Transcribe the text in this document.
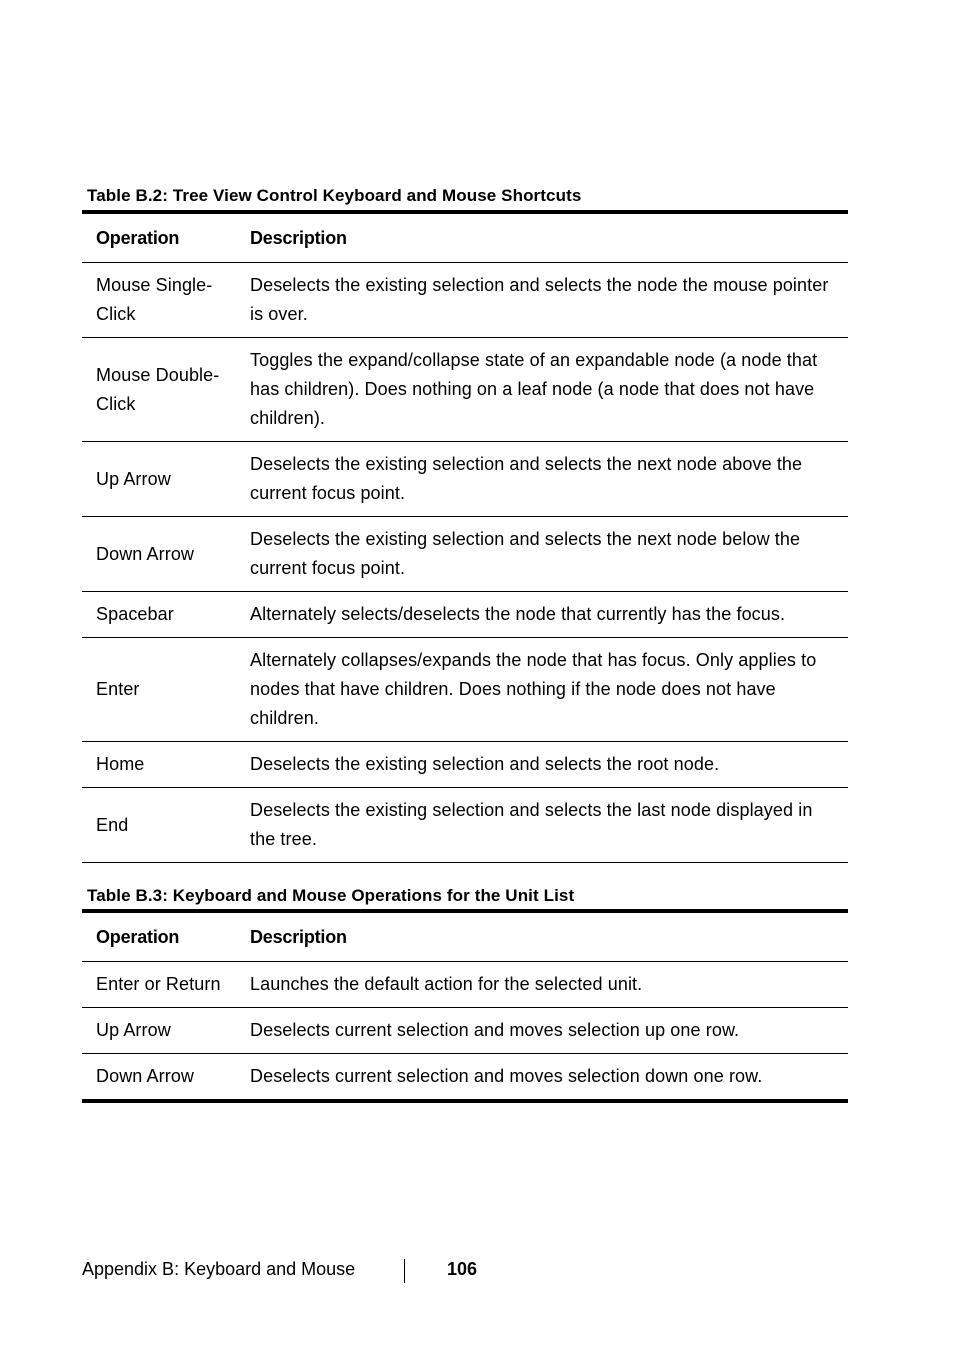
Table B.2: Tree View Control Keyboard and Mouse Shortcuts

Operation	Description
Mouse Single-Click	Deselects the existing selection and selects the node the mouse pointer is over.
Mouse Double-Click	Toggles the expand/collapse state of an expandable node (a node that has children). Does nothing on a leaf node (a node that does not have children).
Up Arrow	Deselects the existing selection and selects the next node above the current focus point.
Down Arrow	Deselects the existing selection and selects the next node below the current focus point.
Spacebar	Alternately selects/deselects the node that currently has the focus.
Enter	Alternately collapses/expands the node that has focus. Only applies to nodes that have children. Does nothing if the node does not have children.
Home	Deselects the existing selection and selects the root node.
End	Deselects the existing selection and selects the last node displayed in the tree.

Table B.3: Keyboard and Mouse Operations for the Unit List

Operation	Description
Enter or Return	Launches the default action for the selected unit.
Up Arrow	Deselects current selection and moves selection up one row.
Down Arrow	Deselects current selection and moves selection down one row.

Appendix B: Keyboard and Mouse	106
